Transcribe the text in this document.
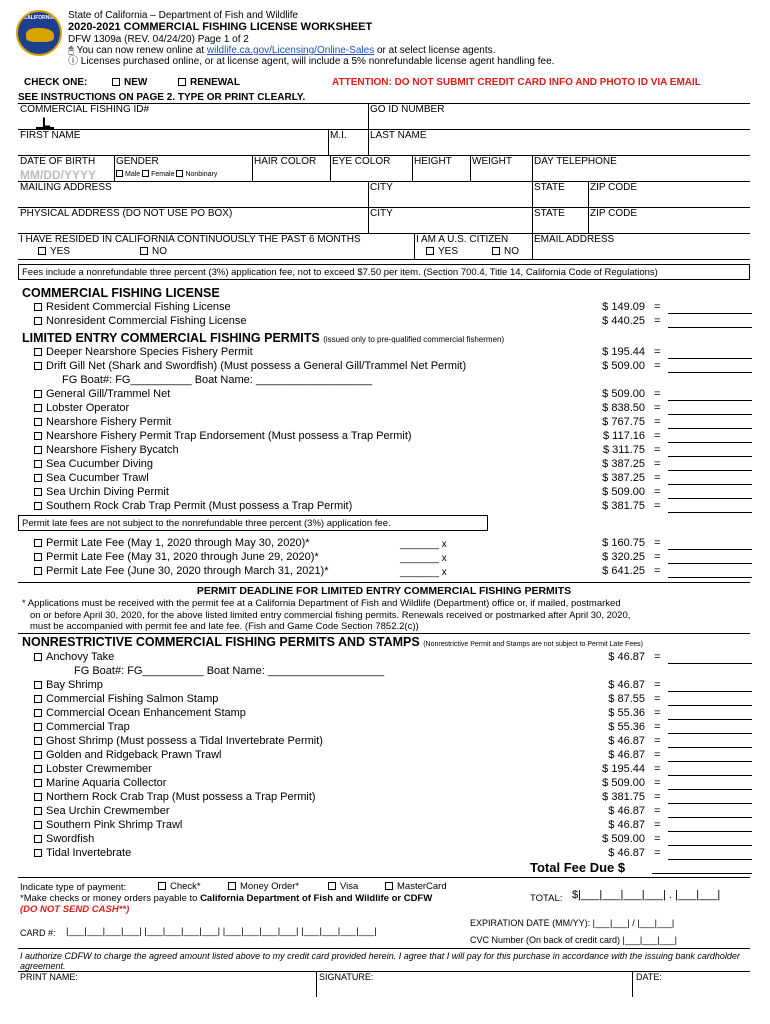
CALIFORNIA	State of California – Department of Fish and Wildlife
2020-2021 COMMERCIAL FISHING LICENSE WORKSHEET
DFW 1309a (REV. 04/24/20) Page 1 of 2
🖰 You can now renew online at wildlife.ca.gov/Licensing/Online-Sales or at select license agents.
ⓘ Licenses purchased online, or at license agent, will include a 5% nonrefundable license agent handling fee.
CHECK ONE:	NEW	RENEWAL	ATTENTION: DO NOT SUBMIT CREDIT CARD INFO AND PHOTO ID VIA EMAIL
SEE INSTRUCTIONS ON PAGE 2. TYPE OR PRINT CLEARLY.
COMMERCIAL FISHING ID#
L
GO ID NUMBER
FIRST NAME	M.I. LAST NAME
DATE OF BIRTH
MM/DD/YYYY
GENDER
Male Female Nonbinary
HAIR COLOR EYE COLOR HEIGHT WEIGHT DAY TELEPHONE
MAILING ADDRESS	CITY	STATE	ZIP CODE
PHYSICAL ADDRESS (DO NOT USE PO BOX)	CITY	STATE	ZIP CODE
I HAVE RESIDED IN CALIFORNIA CONTINUOUSLY THE PAST 6 MONTHS
YES	NO
I AM A U.S. CITIZEN
YES	NO
EMAIL ADDRESS
Fees include a nonrefundable three percent (3%) application fee, not to exceed $7.50 per item. (Section 700.4, Title 14, California Code of Regulations)
COMMERCIAL FISHING LICENSE
Resident Commercial Fishing License	$ 149.09 =
Nonresident Commercial Fishing License	$ 440.25 =
LIMITED ENTRY COMMERCIAL FISHING PERMITS (issued only to pre-qualified commercial fishermen)
Deeper Nearshore Species Fishery Permit	$ 195.44 =
Drift Gill Net (Shark and Swordfish) (Must possess a General Gill/Trammel Net Permit)	$ 509.00 =
General Gill/Trammel Net	$ 509.00 =
Lobster Operator	$ 838.50 =
Nearshore Fishery Permit	$ 767.75 =
Nearshore Fishery Permit Trap Endorsement (Must possess a Trap Permit)	$ 117.16 =
Nearshore Fishery Bycatch	$ 311.75 =
Sea Cucumber Diving	$ 387.25 =
Sea Cucumber Trawl	$ 387.25 =
Sea Urchin Diving Permit	$ 509.00 =
Southern Rock Crab Trap Permit (Must possess a Trap Permit)	$ 381.75 =
FG Boat#: FG__________ Boat Name: ___________________
Permit late fees are not subject to the nonrefundable three percent (3%) application fee.
Permit Late Fee (May 1, 2020 through May 30, 2020)*	_______ x	$ 160.75 =
Permit Late Fee (May 31, 2020 through June 29, 2020)*	_______ x	$ 320.25 =
Permit Late Fee (June 30, 2020 through March 31, 2021)*	_______ x	$ 641.25 =
PERMIT DEADLINE FOR LIMITED ENTRY COMMERCIAL FISHING PERMITS
* Applications must be received with the permit fee at a California Department of Fish and Wildlife (Department) office or, if mailed, postmarked
on or before April 30, 2020, for the above listed limited entry commercial fishing permits. Renewals received or postmarked after April 30, 2020,
must be accompanied with permit fee and late fee. (Fish and Game Code Section 7852.2(c))
NONRESTRICTIVE COMMERCIAL FISHING PERMITS AND STAMPS (Nonrestrictive Permit and Stamps are not subject to Permit Late Fees)
Anchovy Take	$ 46.87 =
Bay Shrimp	$ 46.87 =
Commercial Fishing Salmon Stamp	$ 87.55 =
Commercial Ocean Enhancement Stamp	$ 55.36 =
Commercial Trap	$ 55.36 =
Ghost Shrimp (Must possess a Tidal Invertebrate Permit)	$ 46.87 =
Golden and Ridgeback Prawn Trawl	$ 46.87 =
Lobster Crewmember	$ 195.44 =
Marine Aquaria Collector	$ 509.00 =
Northern Rock Crab Trap (Must possess a Trap Permit)	$ 381.75 =
Sea Urchin Crewmember	$ 46.87 =
Southern Pink Shrimp Trawl	$ 46.87 =
Swordfish	$ 509.00 =
Tidal Invertebrate	$ 46.87 =
FG Boat#: FG__________ Boat Name: ___________________
Total Fee Due $
Indicate type of payment:	Check*	Money Order*	Visa	MasterCard
*Make checks or money orders payable to California Department of Fish and Wildlife or CDFW
(DO NOT SEND CASH**)
TOTAL: $|___|___|___|___| . |___|___|
EXPIRATION DATE (MM/YY): |___|___| / |___|___|
CARD #: |___|___|___|___| |___|___|___|___| |___|___|___|___| |___|___|___|___|
CVC Number (On back of credit card) |___|___|___|
I authorize CDFW to charge the agreed amount listed above to my credit card provided herein. I agree that I will pay for this purchase in accordance with the issuing bank cardholder agreement.
PRINT NAME:	SIGNATURE:	DATE:
